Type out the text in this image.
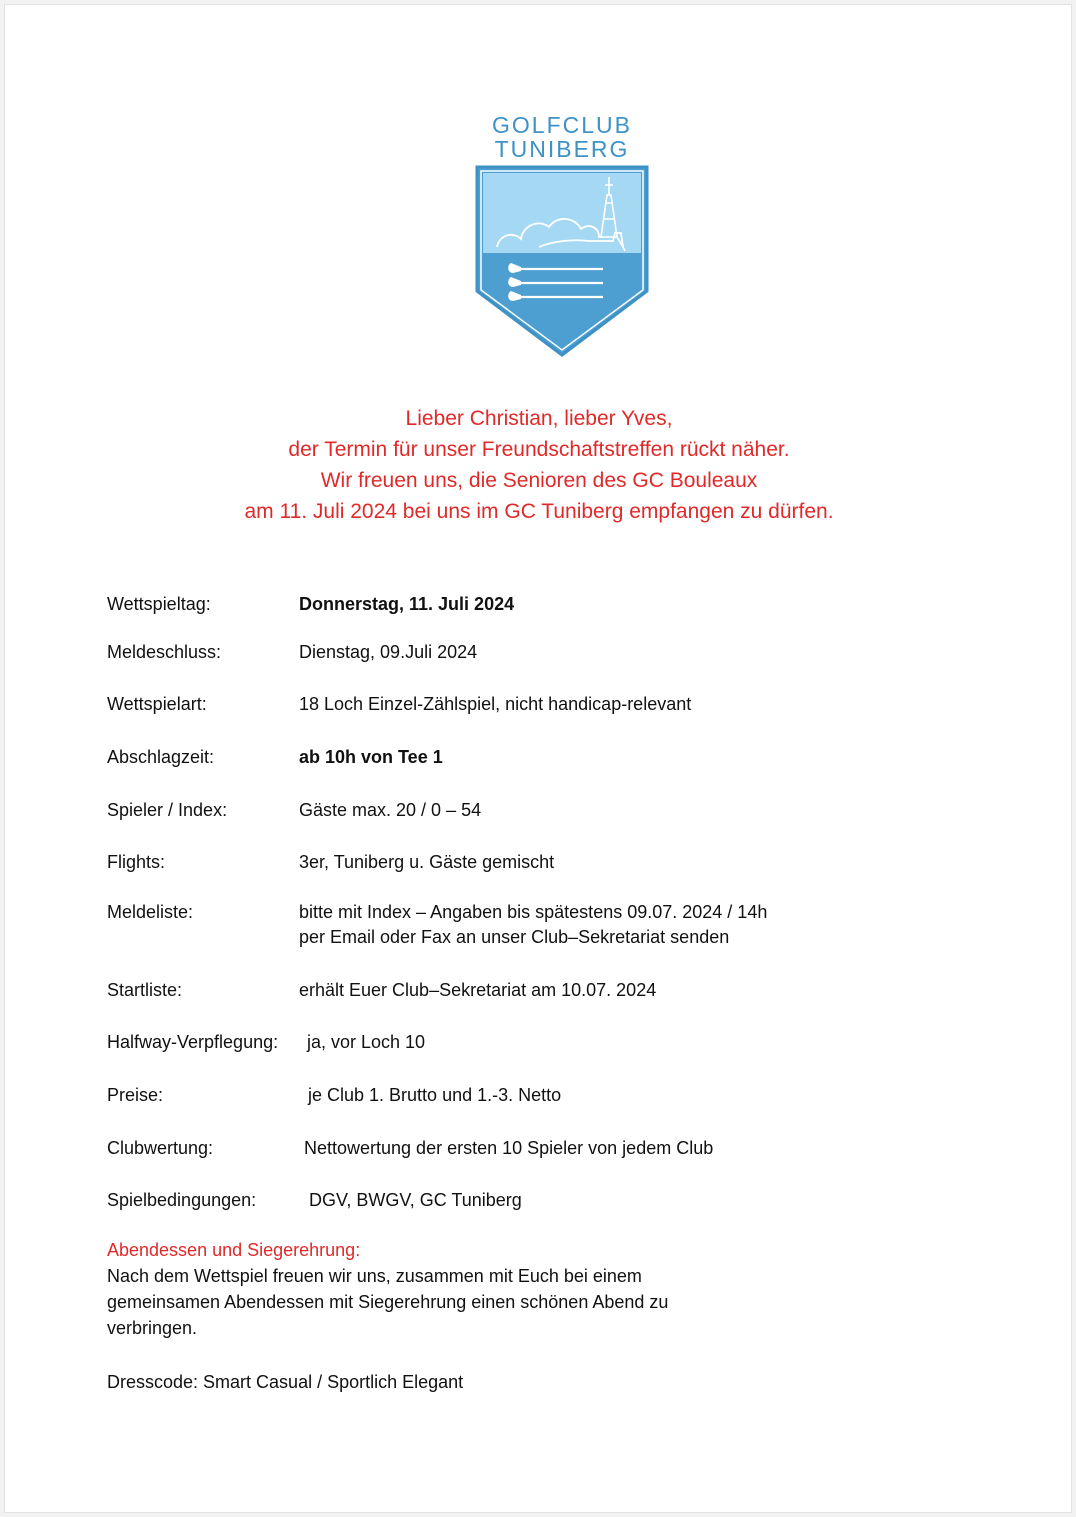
GOLFCLUB
TUNIBERG
Lieber Christian, lieber Yves,
der Termin für unser Freundschaftstreffen rückt näher.
Wir freuen uns, die Senioren des GC Bouleaux
am 11. Juli 2024 bei uns im GC Tuniberg empfangen zu dürfen.
Wettspieltag:	Donnerstag, 11. Juli 2024
Meldeschluss:	Dienstag, 09.Juli 2024
Wettspielart:	18 Loch Einzel-Zählspiel, nicht handicap-relevant
Abschlagzeit:	ab 10h von Tee 1
Spieler / Index:	Gäste max. 20 / 0 – 54
Flights:	3er, Tuniberg u. Gäste gemischt
Meldeliste:	bitte mit Index – Angaben bis spätestens 09.07. 2024 / 14h
per Email oder Fax an unser Club–Sekretariat senden
Startliste:	erhält Euer Club–Sekretariat am 10.07. 2024
Halfway-Verpflegung: ja, vor Loch 10
Preise:	je Club 1. Brutto und 1.-3. Netto
Clubwertung:	Nettowertung der ersten 10 Spieler von jedem Club
Spielbedingungen:	DGV, BWGV, GC Tuniberg
Abendessen und Siegerehrung:
Nach dem Wettspiel freuen wir uns, zusammen mit Euch bei einem
gemeinsamen Abendessen mit Siegerehrung einen schönen Abend zu
verbringen.
Dresscode: Smart Casual / Sportlich Elegant
